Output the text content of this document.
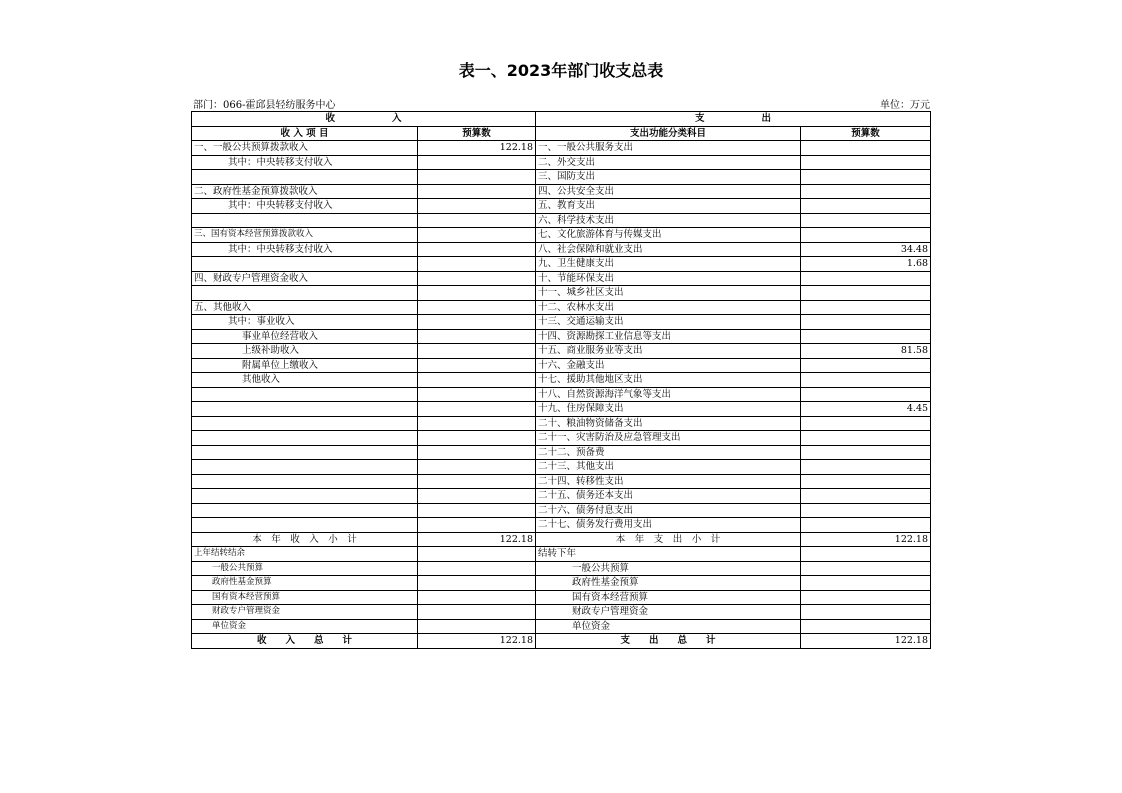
表一、2023年部门收支总表
部门：066-霍邱县轻纺服务中心	单位：万元
收　　　　　　入		支　　　　　　出	
收 入 项 目	预算数	支出功能分类科目	预算数
一、一般公共预算拨款收入	122.18	一、一般公共服务支出	
其中：中央转移支付收入		二、外交支出	
		三、国防支出	
二、政府性基金预算拨款收入		四、公共安全支出	
其中：中央转移支付收入		五、教育支出	
		六、科学技术支出	
三、国有资本经营预算拨款收入		七、文化旅游体育与传媒支出	
其中：中央转移支付收入		八、社会保障和就业支出	34.48
		九、卫生健康支出	1.68
四、财政专户管理资金收入		十、节能环保支出	
		十一、城乡社区支出	
五、其他收入		十二、农林水支出	
其中：事业收入		十三、交通运输支出	
事业单位经营收入		十四、资源勘探工业信息等支出	
上级补助收入		十五、商业服务业等支出	81.58
附属单位上缴收入		十六、金融支出	
其他收入		十七、援助其他地区支出	
		十八、自然资源海洋气象等支出	
		十九、住房保障支出	4.45
		二十、粮油物资储备支出	
		二十一、灾害防治及应急管理支出	
		二十二、预备费	
		二十三、其他支出	
		二十四、转移性支出	
		二十五、债务还本支出	
		二十六、债务付息支出	
		二十七、债务发行费用支出	
本　年　收　入　小　计	122.18	本　年　支　出　小　计	122.18
上年结转结余		结转下年	
一般公共预算		一般公共预算	
政府性基金预算		政府性基金预算	
国有资本经营预算		国有资本经营预算	
财政专户管理资金		财政专户管理资金	
单位资金		单位资金	
收　　入　　总　　计	122.18	支　　出　　总　　计	122.18
